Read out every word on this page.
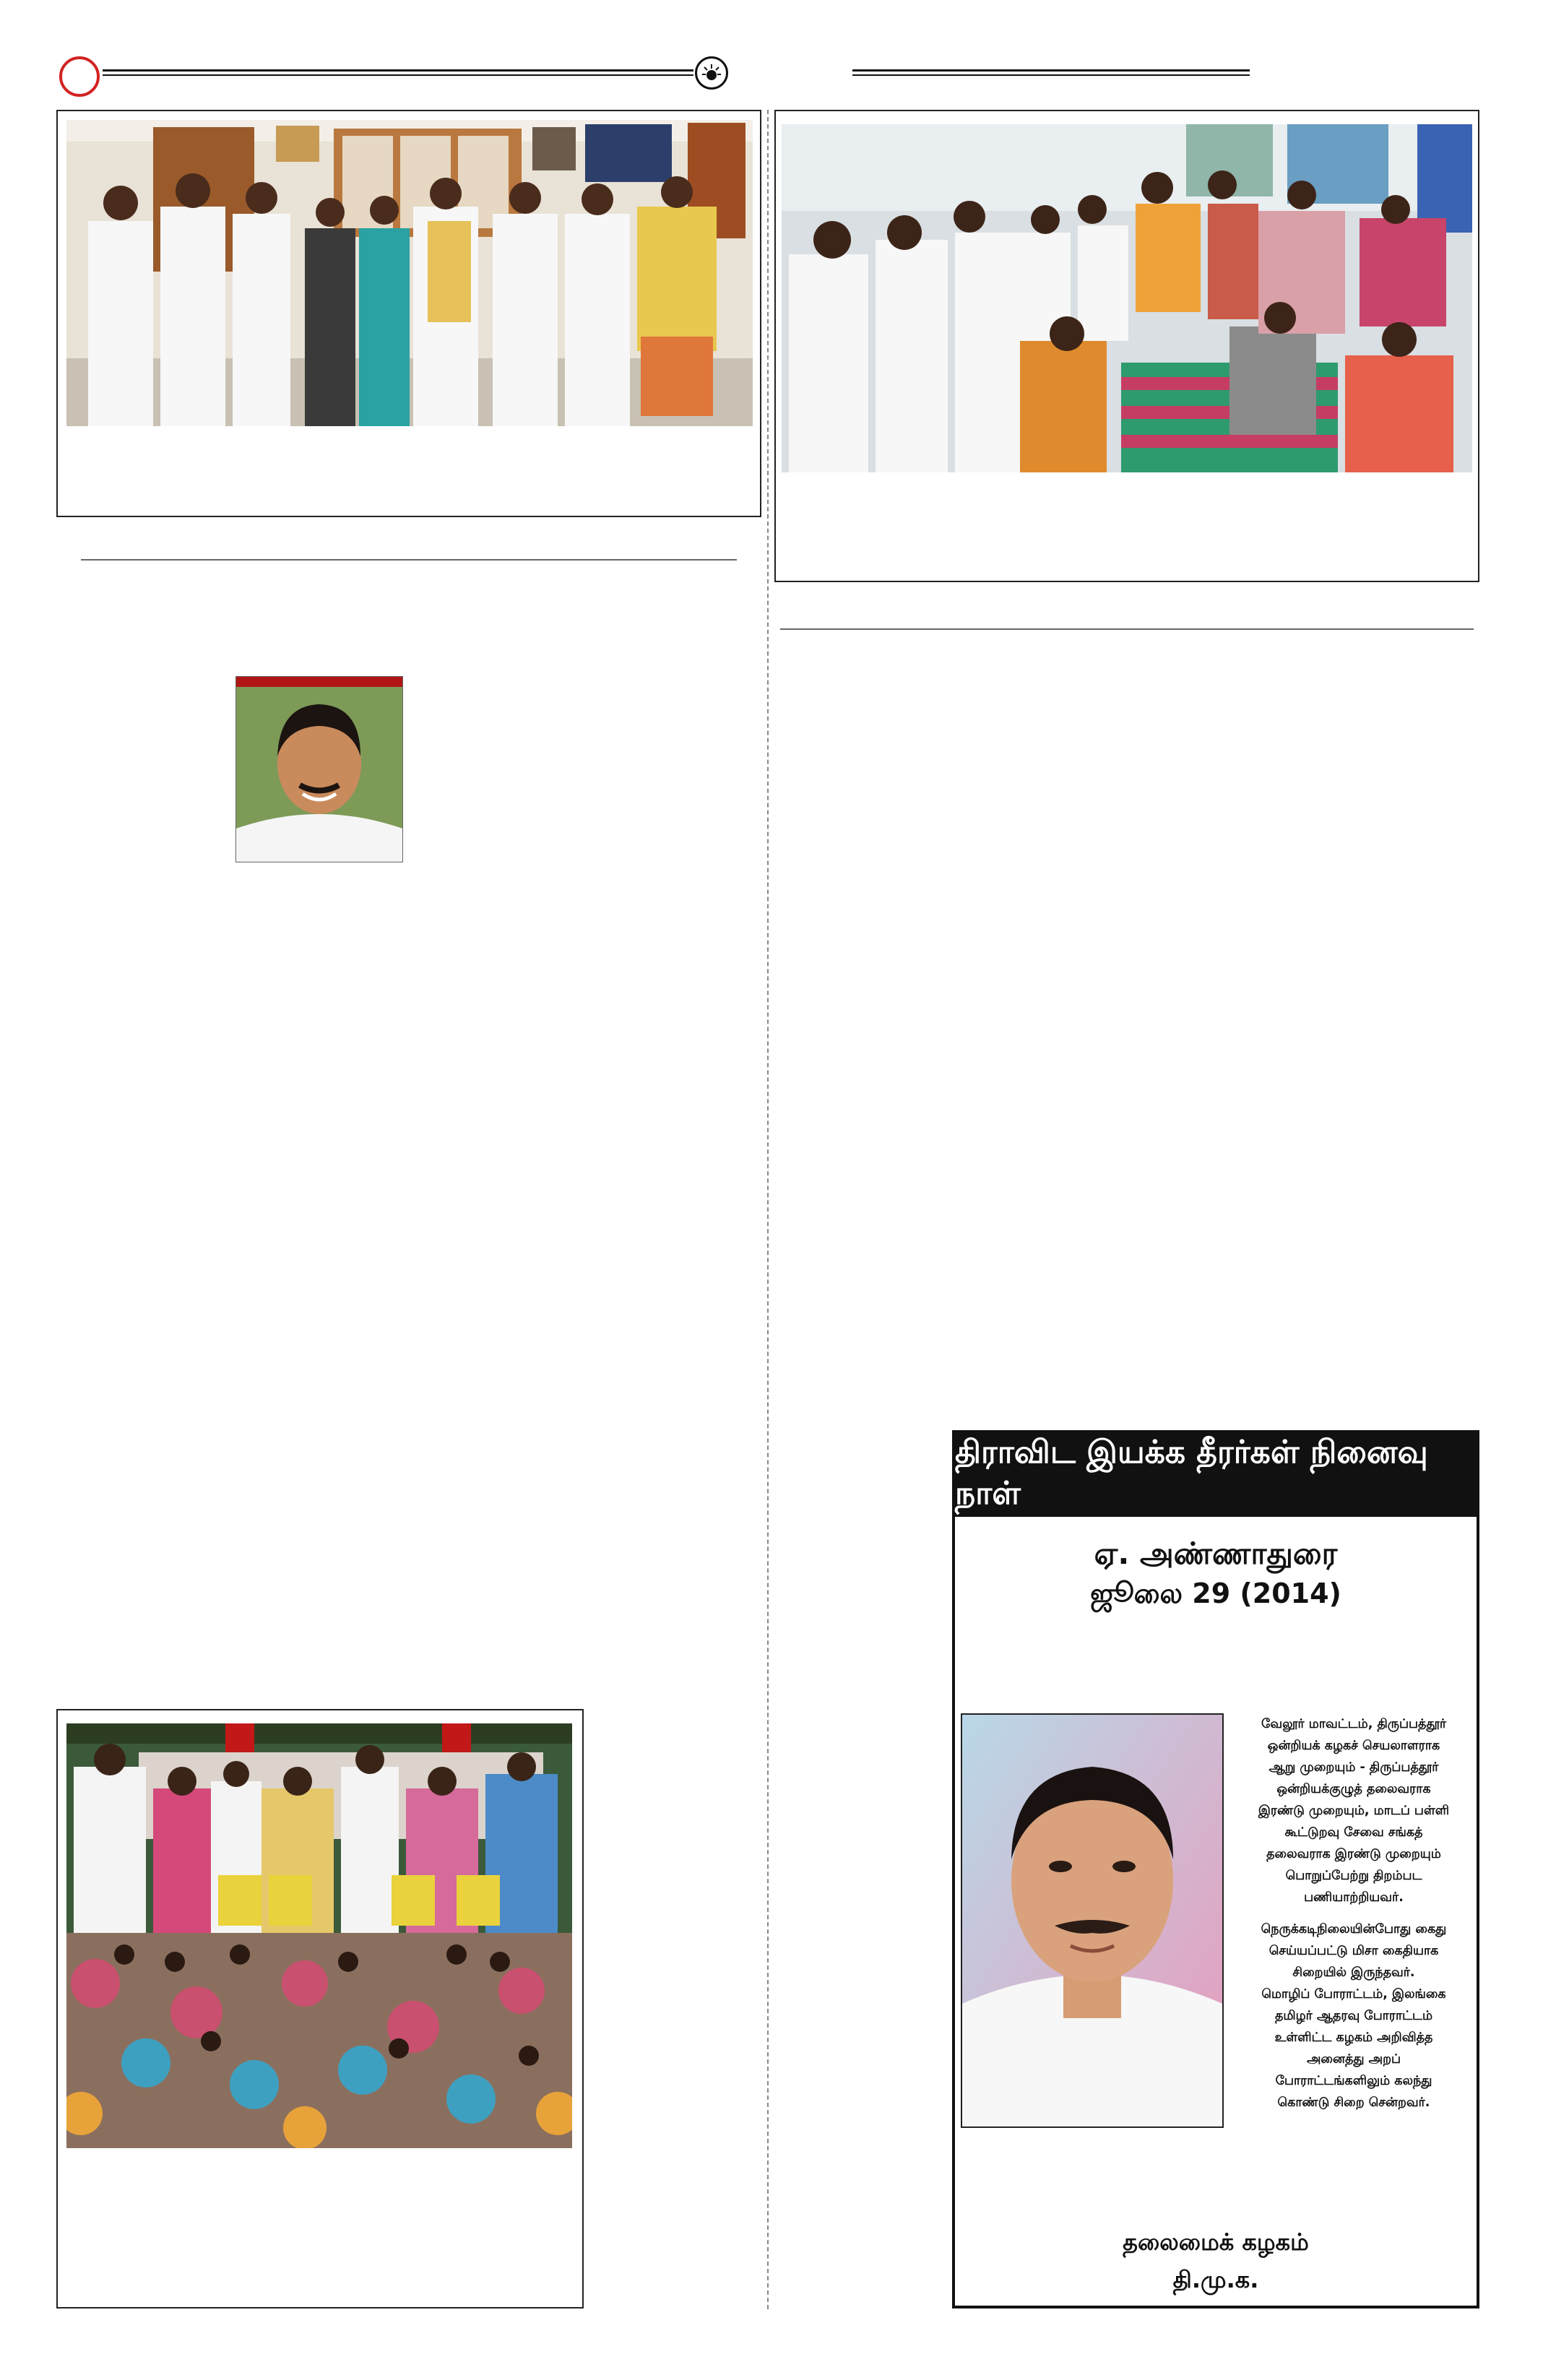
திராவிட இயக்க தீரர்கள் நினைவு நாள்
ஏ. அண்ணாதுரை
ஜூலை 29 (2014)

வேலூர் மாவட்டம், திருப்பத்தூர்
ஒன்றியக் கழகச் செயலாளராக
ஆறு முறையும் - திருப்பத்தூர்
ஒன்றியக்குழுத் தலைவராக
இரண்டு முறையும், மாடப் பள்ளி
கூட்டுறவு சேவை சங்கத்
தலைவராக இரண்டு முறையும்
பொறுப்பேற்று திறம்பட
பணியாற்றியவர்.

நெருக்கடிநிலையின்போது கைது
செய்யப்பட்டு மிசா கைதியாக
சிறையில் இருந்தவர்.
மொழிப் போராட்டம், இலங்கை
தமிழர் ஆதரவு போராட்டம்
உள்ளிட்ட கழகம் அறிவித்த
அனைத்து அறப்
போராட்டங்களிலும் கலந்து
கொண்டு சிறை சென்றவர்.

தலைமைக் கழகம்
தி.மு.க.
